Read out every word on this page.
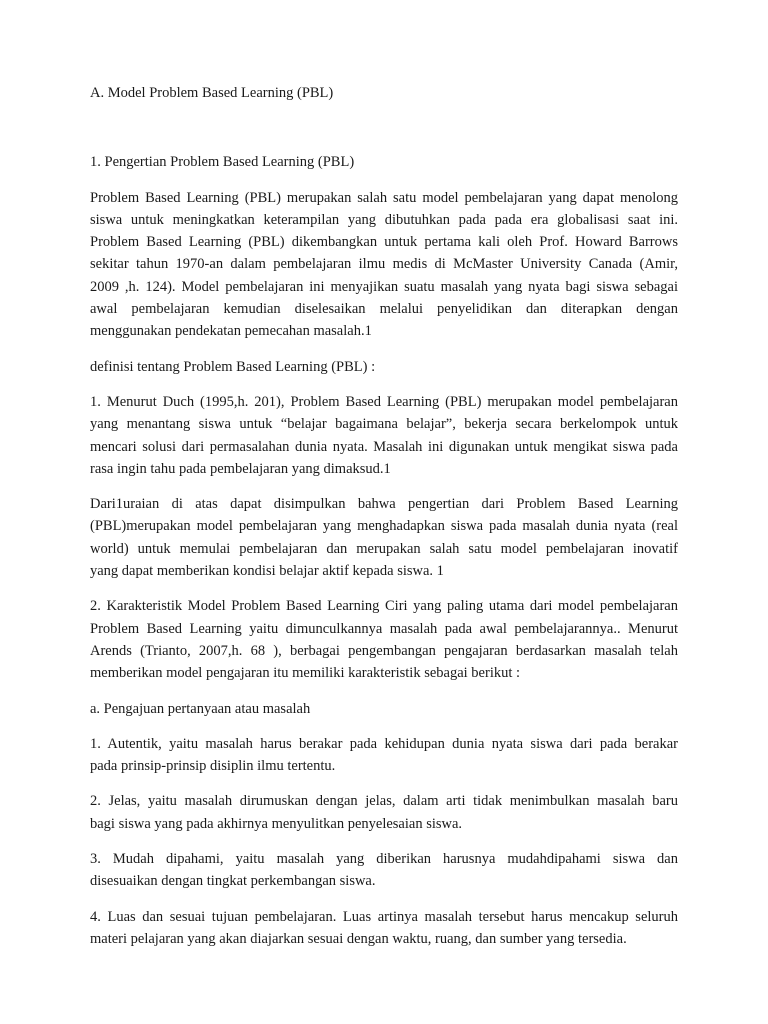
A. Model Problem Based Learning (PBL)

1. Pengertian Problem Based Learning (PBL)

Problem Based Learning (PBL) merupakan salah satu model pembelajaran yang dapat menolong
siswa untuk meningkatkan keterampilan yang dibutuhkan pada pada era globalisasi saat ini.
Problem Based Learning (PBL) dikembangkan untuk pertama kali oleh Prof. Howard Barrows
sekitar tahun 1970-an dalam pembelajaran ilmu medis di McMaster University Canada (Amir,
2009 ,h. 124). Model pembelajaran ini menyajikan suatu masalah yang nyata bagi siswa sebagai
awal pembelajaran kemudian diselesaikan melalui penyelidikan dan diterapkan dengan
menggunakan pendekatan pemecahan masalah.1

definisi tentang Problem Based Learning (PBL) :

1. Menurut Duch (1995,h. 201), Problem Based Learning (PBL) merupakan model pembelajaran
yang menantang siswa untuk “belajar bagaimana belajar”, bekerja secara berkelompok untuk
mencari solusi dari permasalahan dunia nyata. Masalah ini digunakan untuk mengikat siswa pada
rasa ingin tahu pada pembelajaran yang dimaksud.1

Dari1uraian di atas dapat disimpulkan bahwa pengertian dari Problem Based Learning
(PBL)merupakan model pembelajaran yang menghadapkan siswa pada masalah dunia nyata (real
world) untuk memulai pembelajaran dan merupakan salah satu model pembelajaran inovatif
yang dapat memberikan kondisi belajar aktif kepada siswa. 1

2. Karakteristik Model Problem Based Learning Ciri yang paling utama dari model pembelajaran
Problem Based Learning yaitu dimunculkannya masalah pada awal pembelajarannya.. Menurut
Arends (Trianto, 2007,h. 68 ), berbagai pengembangan pengajaran berdasarkan masalah telah
memberikan model pengajaran itu memiliki karakteristik sebagai berikut :

a. Pengajuan pertanyaan atau masalah

1. Autentik, yaitu masalah harus berakar pada kehidupan dunia nyata siswa dari pada berakar
pada prinsip-prinsip disiplin ilmu tertentu.

2. Jelas, yaitu masalah dirumuskan dengan jelas, dalam arti tidak menimbulkan masalah baru
bagi siswa yang pada akhirnya menyulitkan penyelesaian siswa.

3. Mudah dipahami, yaitu masalah yang diberikan harusnya mudahdipahami siswa dan
disesuaikan dengan tingkat perkembangan siswa.

4. Luas dan sesuai tujuan pembelajaran. Luas artinya masalah tersebut harus mencakup seluruh
materi pelajaran yang akan diajarkan sesuai dengan waktu, ruang, dan sumber yang tersedia.
